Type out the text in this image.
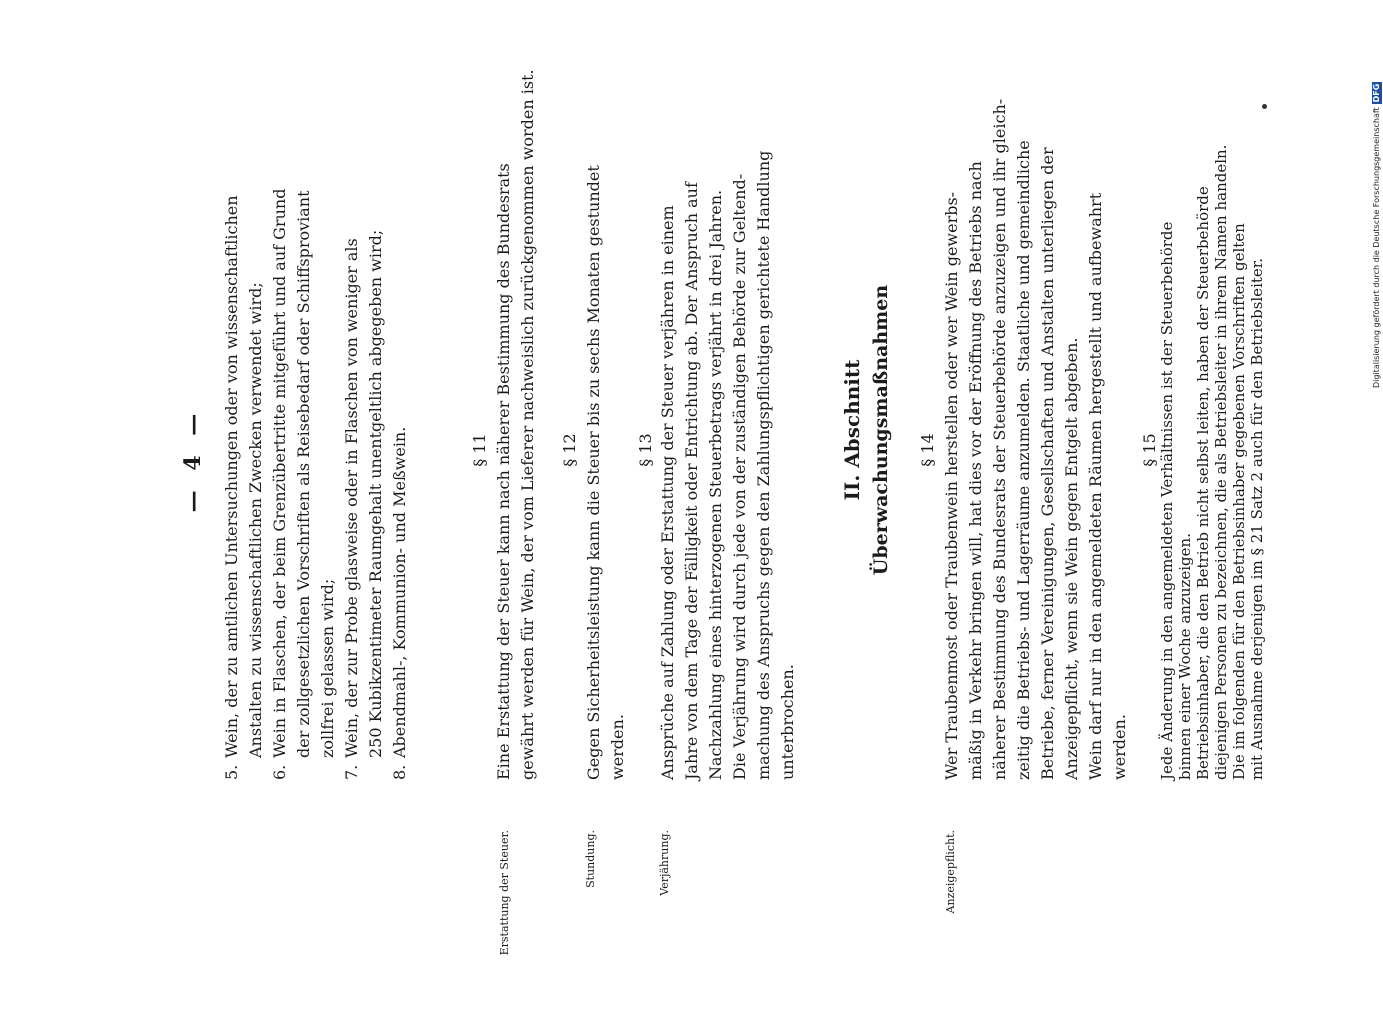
— 4 —
5.Wein, der zu amtlichen Untersuchungen oder von wissenschaftlichen Anstalten zu wissenschaftlichen Zwecken verwendet wird;
6.Wein in Flaschen, der beim Grenzübertritte mitgeführt und auf Grund der zollgesetzlichen Vorschriften als Reisebedarf oder Schiffsproviant zollfrei gelassen wird;
7.Wein, der zur Probe glasweise oder in Flaschen von weniger als 250 Kubikzentimeter Raumgehalt unentgeltlich abgegeben wird;
8.Abendmahl-, Kommunion- und Meßwein.	§ 11
Erstattung der Steuer.
Eine Erstattung der Steuer kann nach näherer Bestimmung des Bundesrats gewährt werden für Wein, der vom Lieferer nachweislich zurückgenommen worden ist. § 12
Stundung.
Gegen Sicherheitsleistung kann die Steuer bis zu sechs Monaten gestundet werden.
§ 13
Verjährung.
Ansprüche auf Zahlung oder Erstattung der Steuer verjähren in einem Jahre von dem Tage der Fälligkeit oder Entrichtung ab. Der Anspruch auf Nachzahlung eines hinterzogenen Steuerbetrags verjährt in drei Jahren. Die Verjährung wird durch jede von der zuständigen Behörde zur Geltend- machung des Anspruchs gegen den Zahlungspflichtigen gerichtete Handlung unterbrochen.
II. Abschnitt Überwachungsmaßnahmen § 14
Anzeigepflicht.
Wer Traubenmost oder Traubenwein herstellen oder wer Wein gewerbs- mäßig in Verkehr bringen will, hat dies vor der Eröffnung des Betriebs nach näherer Bestimmung des Bundesrats der Steuerbehörde anzuzeigen und ihr gleich- zeitig die Betriebs- und Lagerräume anzumelden. Staatliche und gemeindliche Betriebe, ferner Vereinigungen, Gesellschaften und Anstalten unterliegen der Anzeigepflicht, wenn sie Wein gegen Entgelt abgeben. Wein darf nur in den angemeldeten Räumen hergestellt und aufbewahrt werden.
§ 15 Jede Änderung in den angemeldeten Verhältnissen ist der Steuerbehörde binnen einer Woche anzuzeigen. Betriebsinhaber, die den Betrieb nicht selbst leiten, haben der Steuerbehörde diejenigen Personen zu bezeichnen, die als Betriebsleiter in ihrem Namen handeln. Die im folgenden für den Betriebsinhaber gegebenen Vorschriften gelten mit Ausnahme derjenigen im § 21 Satz 2 auch für den Betriebsleiter.
Digitalisierung gefördert durch die Deutsche ForschungsgemeinschaftDFG
